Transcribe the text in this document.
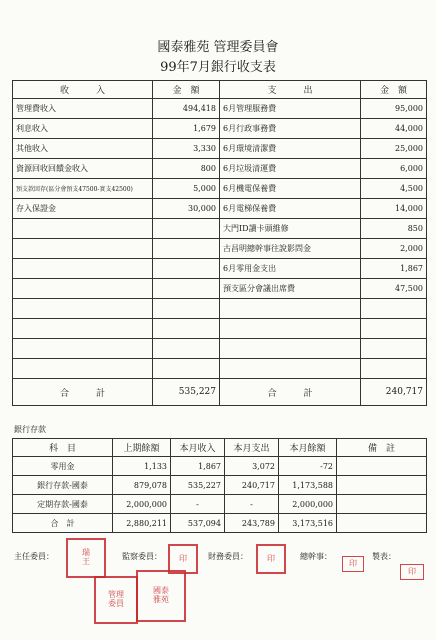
國泰雅苑 管理委員會
99年7月銀行收支表
收　　　入	金　額	支　　　出	金　額
管理費收入	494,418	6月管理服務費	95,000
利息收入	1,679	6月行政事務費	44,000
其他收入	3,330	6月環境清潔費	25,000
資源回收回饋金收入	800	6月垃圾清運費	6,000
預支款回存(區分會預支47500-實支42500)	5,000	6月機電保養費	4,500
存入保證金	30,000	6月電梯保養費	14,000
		大門ID讀卡頭維修	850
		古昌明總幹事往說影問金	2,000
		6月零用金支出	1,867
		預支區分會議出席費	47,500

合　　　計	535,227	合　　　計	240,717
銀行存款
科　目	上期餘額	本月收入	本月支出	本月餘額	備　註
零用金	1,133	1,867	3,072	-72	
銀行存款-國泰	879,078	535,227	240,717	1,173,588	
定期存款-國泰	2,000,000	-	-	2,000,000	
合　計	2,880,211	537,094	243,789	3,173,516	
主任委員：	瑞
王
管理
委員
國泰
雅苑
監察委員：	印	財務委員：	印	總幹事：
印
製表：
印
